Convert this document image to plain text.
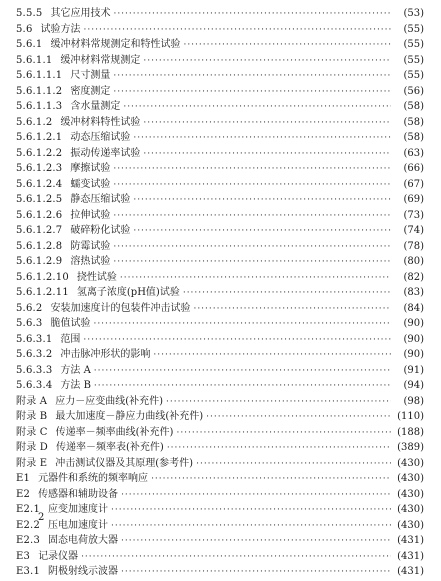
5.5.5 其它应用技术 ·····	(53)
5.6 试验方法 ·····	(55)
5.6.1 缓冲材料常规测定和特性试验 ·····	(55)
5.6.1.1 缓冲材料常规测定 ·····	(55)
5.6.1.1.1 尺寸测量 ·····	(55)
5.6.1.1.2 密度测定 ·····	(56)
5.6.1.1.3 含水量测定 ·····	(58)
5.6.1.2 缓冲材料特性试验 ·····	(58)
5.6.1.2.1 动态压缩试验 ·····	(58)
5.6.1.2.2 振动传递率试验 ·····	(63)
5.6.1.2.3 摩擦试验 ·····	(66)
5.6.1.2.4 蠕变试验 ·····	(67)
5.6.1.2.5 静态压缩试验 ·····	(69)
5.6.1.2.6 拉伸试验 ·····	(73)
5.6.1.2.7 破碎粉化试验 ·····	(74)
5.6.1.2.8 防霉试验 ·····	(78)
5.6.1.2.9 溶热试验 ·····	(80)
5.6.1.2.10 挠性试验 ·····	(82)
5.6.1.2.11 氢离子浓度(pH值)试验 ·····	(83)
5.6.2 安装加速度计的包装件冲击试验 ·····	(84)
5.6.3 脆值试验 ·····	(90)
5.6.3.1 范围 ·····	(90)
5.6.3.2 冲击脉冲形状的影响 ·····	(90)
5.6.3.3 方法 A ·····	(91)
5.6.3.4 方法 B ·····	(94)
附录 A 应力－应变曲线(补充件) ·····	(98)
附录 B 最大加速度－静应力曲线(补充件) ·····	(110)
附录 C 传递率－频率曲线(补充件) ·····	(188)
附录 D 传递率－频率表(补充件) ·····	(389)
附录 E 冲击测试仪器及其原理(参考件) ·····	(430)
E1 元器件和系统的频率响应 ·····	(430)
E2 传感器和辅助设备 ·····	(430)
E2.1 应变加速度计 ·····	(430)
E2.2 压电加速度计 ·····	(430)
E2.3 固态电荷放大器 ·····	(431)
E3 记录仪器 ·····	(431)
E3.1 阴极射线示波器 ·····	(431)
2
